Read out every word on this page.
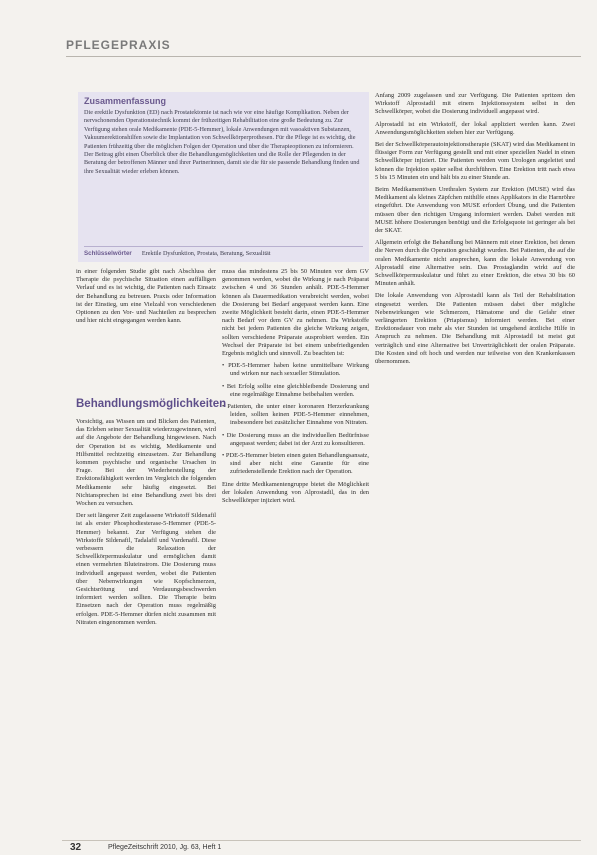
PFLEGEPRAXIS
Zusammenfassung

Die erektile Dysfunktion (ED) nach Prostatektomie ist nach wie vor eine häufige Komplikation. Neben der nervschonenden Operationstechnik kommt der frühzeitigen Rehabilitation eine große Bedeutung zu. Zur Verfügung stehen orale Medikamente (PDE-5-Hemmer), lokale Anwendungen mit vasoaktiven Substanzen, Vakuumerektionshilfen sowie die Implantation von Schwellkörperprothesen. Für die Pflege ist es wichtig, die Patienten frühzeitig über die möglichen Folgen der Operation und über die Therapieoptionen zu informieren. Der Beitrag gibt einen Überblick über die Behandlungsmöglichkeiten und die Rolle der Pflegenden in der Beratung der betroffenen Männer und ihrer Partnerinnen, damit sie die für sie passende Behandlung finden und ihre Sexualität wieder erleben können.

Schlüsselwörter Erektile Dysfunktion, Prostata, Beratung, Sexualität

in einer folgenden Studie gibt nach Abschluss der Therapie die psychische Situation einen auffälligen Verlauf und es ist wichtig, die Patienten nach Einsatz der Behandlung zu betreuen. Praxis oder Information ist der Einstieg, um eine Vielzahl von verschiedenen Optionen zu den Vor- und Nachteilen zu besprechen und hier nicht eingegangen werden kann.

Behandlungsmöglichkeiten

Vorsichtig, aus Wissen um und Blicken des Patienten, das Erleben seiner Sexualität wiederzugewinnen, wird auf die Angebote der Behandlung hingewiesen. Nach der Operation ist es wichtig, Medikamente und Hilfsmittel rechtzeitig einzusetzen. Zur Behandlung kommen psychische und organische Ursachen in Frage. Bei der Wiederherstellung der Erektionsfähigkeit werden im Vergleich die folgenden Medikamente sehr häufig eingesetzt. Bei Nichtansprechen ist eine Behandlung zwei bis drei Wochen zu versuchen.

Der seit längerer Zeit zugelassene Wirkstoff Sildenafil ist als erster Phosphodiesterase-5-Hemmer (PDE-5-Hemmer) bekannt. Zur Verfügung stehen die Wirkstoffe Sildenafil, Tadalafil und Vardenafil. Diese verbessern die Relaxation der Schwellkörpermuskulatur und ermöglichen damit einen vermehrten Bluteinstrom. Die Dosierung muss individuell angepasst werden, wobei die Patienten über Nebenwirkungen wie Kopfschmerzen, Gesichtsrötung und Verdauungsbeschwerden informiert werden sollten. Die Therapie beim Einsetzen nach der Operation muss regelmäßig erfolgen. PDE-5-Hemmer dürfen nicht zusammen mit Nitraten eingenommen werden.

muss das mindestens 25 bis 50 Minuten vor dem GV genommen werden, wobei die Wirkung je nach Präparat zwischen 4 und 36 Stunden anhält. PDE-5-Hemmer können als Dauermedikation verabreicht werden, wobei die Dosierung bei Bedarf angepasst werden kann. Eine zweite Möglichkeit besteht darin, einen PDE-5-Hemmer nach Bedarf vor dem GV zu nehmen. Da Wirkstoffe nicht bei jedem Patienten die gleiche Wirkung zeigen, sollten verschiedene Präparate ausprobiert werden. Ein Wechsel der Präparate ist bei einem unbefriedigenden Ergebnis möglich und sinnvoll. Zu beachten ist:

• PDE-5-Hemmer haben keine unmittelbare Wirkung und wirken nur nach sexueller Stimulation.

• Bei Erfolg sollte eine gleichbleibende Dosierung und eine regelmäßige Einnahme beibehalten werden.

• Patienten, die unter einer koronaren Herzerkrankung leiden, sollten keinen PDE-5-Hemmer einnehmen, insbesondere bei zusätzlicher Einnahme von Nitraten.

• Die Dosierung muss an die individuellen Bedürfnisse angepasst werden; dabei ist der Arzt zu konsultieren.

• PDE-5-Hemmer bieten einen guten Behandlungsansatz, sind aber nicht eine Garantie für eine zufriedenstellende Erektion nach der Operation.

Eine dritte Medikamentengruppe bietet die Möglichkeit der lokalen Anwendung von Alprostadil, das in den Schwellkörper injiziert wird.

Anfang 2009 zugelassen und zur Verfügung. Die Patienten spritzen den Wirkstoff Alprostadil mit einem Injektionssystem selbst in den Schwellkörper, wobei die Dosierung individuell angepasst wird.

Alprostadil ist ein Wirkstoff, der lokal appliziert werden kann. Zwei Anwendungsmöglichkeiten stehen hier zur Verfügung.

Bei der Schwellkörperautoinjektionstherapie (SKAT) wird das Medikament in flüssiger Form zur Verfügung gestellt und mit einer speziellen Nadel in einen Schwellkörper injiziert. Die Patienten werden vom Urologen angeleitet und können die Injektion später selbst durchführen. Eine Erektion tritt nach etwa 5 bis 15 Minuten ein und hält bis zu einer Stunde an.

Beim Medikamentösen Urethralen System zur Erektion (MUSE) wird das Medikament als kleines Zäpfchen mithilfe eines Applikators in die Harnröhre eingeführt. Die Anwendung von MUSE erfordert Übung, und die Patienten müssen über den richtigen Umgang informiert werden. Dabei werden mit MUSE höhere Dosierungen benötigt und die Erfolgsquote ist geringer als bei der SKAT.

Allgemein erfolgt die Behandlung bei Männern mit einer Erektion, bei denen die Nerven durch die Operation geschädigt wurden. Bei Patienten, die auf die oralen Medikamente nicht ansprechen, kann die lokale Anwendung von Alprostadil eine Alternative sein. Das Prostaglandin wirkt auf die Schwellkörpermuskulatur und führt zu einer Erektion, die etwa 30 bis 60 Minuten anhält.

Die lokale Anwendung von Alprostadil kann als Teil der Rehabilitation eingesetzt werden. Die Patienten müssen dabei über mögliche Nebenwirkungen wie Schmerzen, Hämatome und die Gefahr einer verlängerten Erektion (Priapismus) informiert werden. Bei einer Erektionsdauer von mehr als vier Stunden ist umgehend ärztliche Hilfe in Anspruch zu nehmen. Die Behandlung mit Alprostadil ist meist gut verträglich und eine Alternative bei Unverträglichkeit der oralen Präparate. Die Kosten sind oft hoch und werden nur teilweise von den Krankenkassen übernommen.

32	PflegeZeitschrift 2010, Jg. 63, Heft 1
